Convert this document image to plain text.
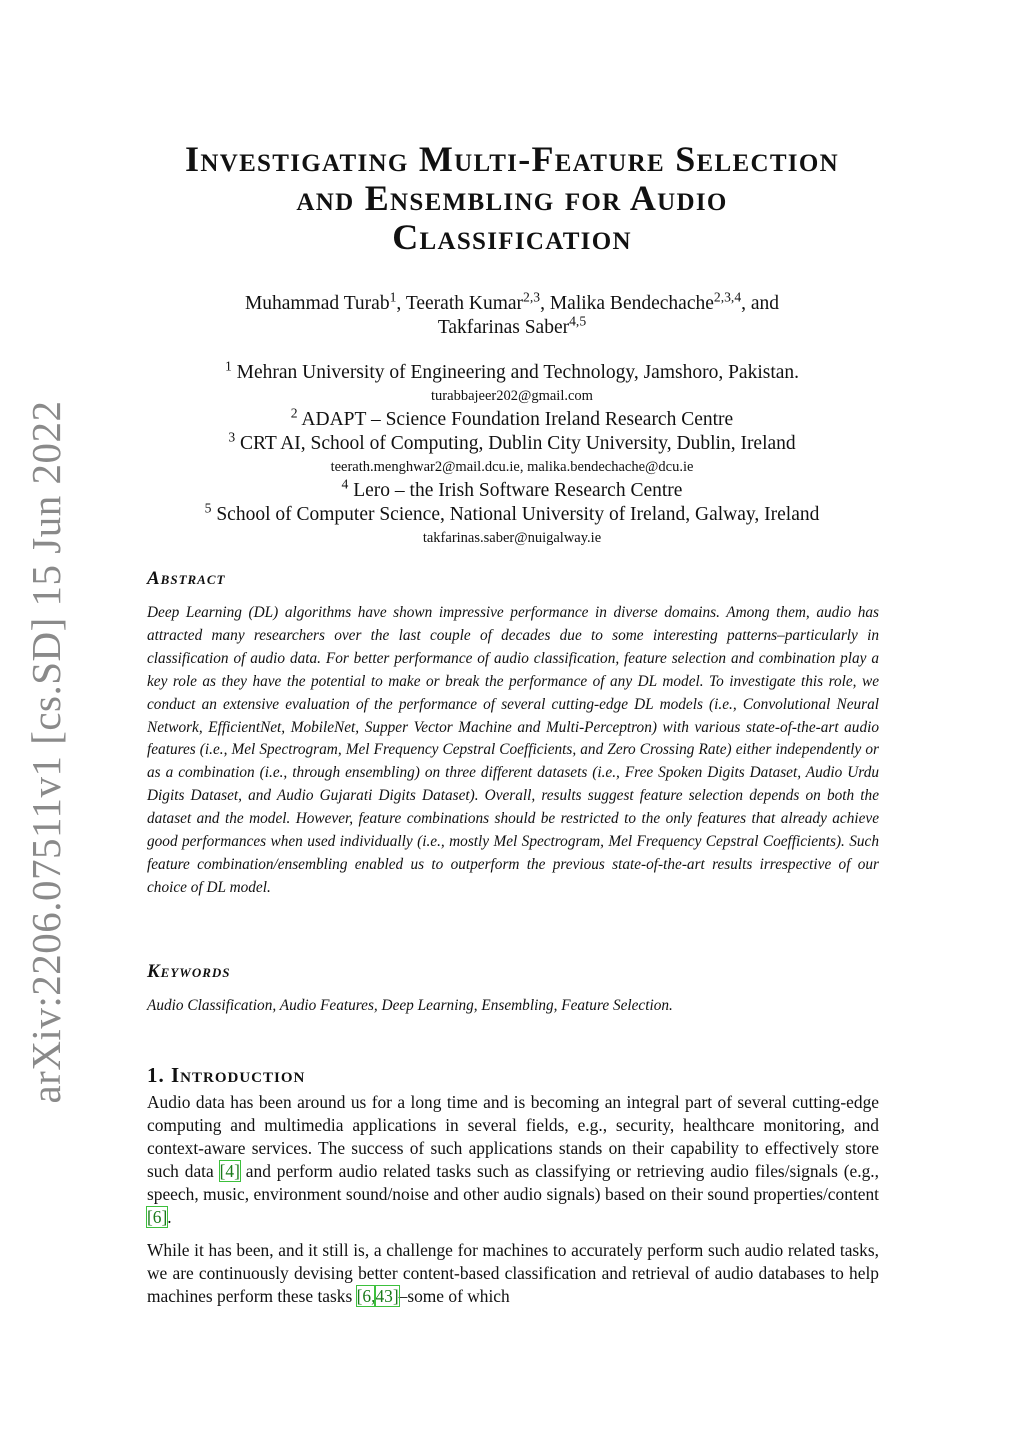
arXiv:2206.07511v1 [cs.SD] 15 Jun 2022
Investigating Multi-Feature Selection
and Ensembling for Audio
Classification
Muhammad Turab$^1$, Teerath Kumar$^{2,3}$, Malika Bendechache$^{2,3,4}$, and
Takfarinas Saber$^{4,5}$
$^1$ Mehran University of Engineering and Technology, Jamshoro, Pakistan.
turabbajeer202@gmail.com
$^2$ ADAPT – Science Foundation Ireland Research Centre
$^3$ CRT AI, School of Computing, Dublin City University, Dublin, Ireland
teerath.menghwar2@mail.dcu.ie, malika.bendechache@dcu.ie
$^4$ Lero – the Irish Software Research Centre
$^5$ School of Computer Science, National University of Ireland, Galway, Ireland
takfarinas.saber@nuigalway.ie
Abstract

Deep Learning (DL) algorithms have shown impressive performance in diverse domains. Among them, audio has attracted many researchers over the last couple of decades due to some interesting patterns–particularly in classification of audio data. For better performance of audio classification, feature selection and combination play a key role as they have the potential to make or break the performance of any DL model. To investigate this role, we conduct an extensive evaluation of the performance of several cutting-edge DL models (i.e., Convolutional Neural Network, EfficientNet, MobileNet, Supper Vector Machine and Multi-Perceptron) with various state-of-the-art audio features (i.e., Mel Spectrogram, Mel Frequency Cepstral Coefficients, and Zero Crossing Rate) either independently or as a combination (i.e., through ensembling) on three different datasets (i.e., Free Spoken Digits Dataset, Audio Urdu Digits Dataset, and Audio Gujarati Digits Dataset). Overall, results suggest feature selection depends on both the dataset and the model. However, feature combinations should be restricted to the only features that already achieve good performances when used individually (i.e., mostly Mel Spectrogram, Mel Frequency Cepstral Coefficients). Such feature combination/ensembling enabled us to outperform the previous state-of-the-art results irrespective of our choice of DL model.

Keywords

Audio Classification, Audio Features, Deep Learning, Ensembling, Feature Selection.

1. Introduction

Audio data has been around us for a long time and is becoming an integral part of several cutting-edge computing and multimedia applications in several fields, e.g., security, healthcare monitoring, and context-aware services. The success of such applications stands on their capability to effectively store such data [4] and perform audio related tasks such as classifying or retrieving audio files/signals (e.g., speech, music, environment sound/noise and other audio signals) based on their sound properties/content [6].

While it has been, and it still is, a challenge for machines to accurately perform such audio related tasks, we are continuously devising better content-based classification and retrieval of audio databases to help machines perform these tasks [6,43]–some of which
